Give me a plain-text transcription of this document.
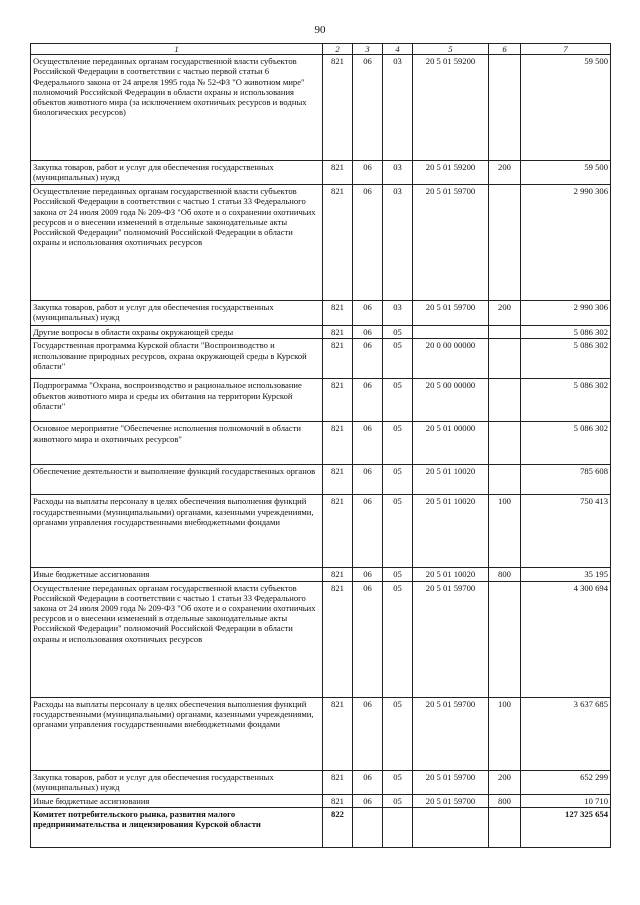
90
1	2	3	4	5	6	7
Осуществление переданных органам государственной власти субъектов Российской Федерации в соответствии с частью первой статьи 6 Федерального закона от 24 апреля 1995 года № 52-ФЗ "О животном мире" полномочий Российской Федерации в области охраны и использования объектов животного мира (за исключением охотничьих ресурсов и водных биологических ресурсов)	821	06	03	20 5 01 59200		59 500
Закупка товаров, работ и услуг для обеспечения государственных (муниципальных) нужд	821	06	03	20 5 01 59200	200	59 500
Осуществление переданных органам государственной власти субъектов Российской Федерации в соответствии с частью 1 статьи 33 Федерального закона от 24 июля 2009 года № 209-ФЗ "Об охоте и о сохранении охотничьих ресурсов и о внесении изменений в отдельные законодательные акты Российской Федерации" полномочий Российской Федерации в области охраны и использования охотничьих ресурсов	821	06	03	20 5 01 59700		2 990 306
Закупка товаров, работ и услуг для обеспечения государственных (муниципальных) нужд	821	06	03	20 5 01 59700	200	2 990 306
Другие вопросы в области охраны окружающей среды	821	06	05			5 086 302
Государственная программа Курской области "Воспроизводство и использование природных ресурсов, охрана окружающей среды в Курской области"	821	06	05	20 0 00 00000		5 086 302
Подпрограмма "Охрана, воспроизводство и рациональное использование объектов животного мира и среды их обитания на территории Курской области"	821	06	05	20 5 00 00000		5 086 302
Основное мероприятие "Обеспечение исполнения полномочий в области животного мира и охотничьих ресурсов"	821	06	05	20 5 01 00000		5 086 302
Обеспечение деятельности и выполнение функций государственных органов	821	06	05	20 5 01 10020		785 608
Расходы на выплаты персоналу в целях обеспечения выполнения функций государственными (муниципальными) органами, казенными учреждениями, органами управления государственными внебюджетными фондами	821	06	05	20 5 01 10020	100	750 413
Иные бюджетные ассигнования	821	06	05	20 5 01 10020	800	35 195
Осуществление переданных органам государственной власти субъектов Российской Федерации в соответствии с частью 1 статьи 33 Федерального закона от 24 июля 2009 года № 209-ФЗ "Об охоте и о сохранении охотничьих ресурсов и о внесении изменений в отдельные законодательные акты Российской Федерации" полномочий Российской Федерации в области охраны и использования охотничьих ресурсов	821	06	05	20 5 01 59700		4 300 694
Расходы на выплаты персоналу в целях обеспечения выполнения функций государственными (муниципальными) органами, казенными учреждениями, органами управления государственными внебюджетными фондами	821	06	05	20 5 01 59700	100	3 637 685
Закупка товаров, работ и услуг для обеспечения государственных (муниципальных) нужд	821	06	05	20 5 01 59700	200	652 299
Иные бюджетные ассигнования	821	06	05	20 5 01 59700	800	10 710
Комитет потребительского рынка, развития малого предпринимательства и лицензирования Курской области	822					127 325 654
